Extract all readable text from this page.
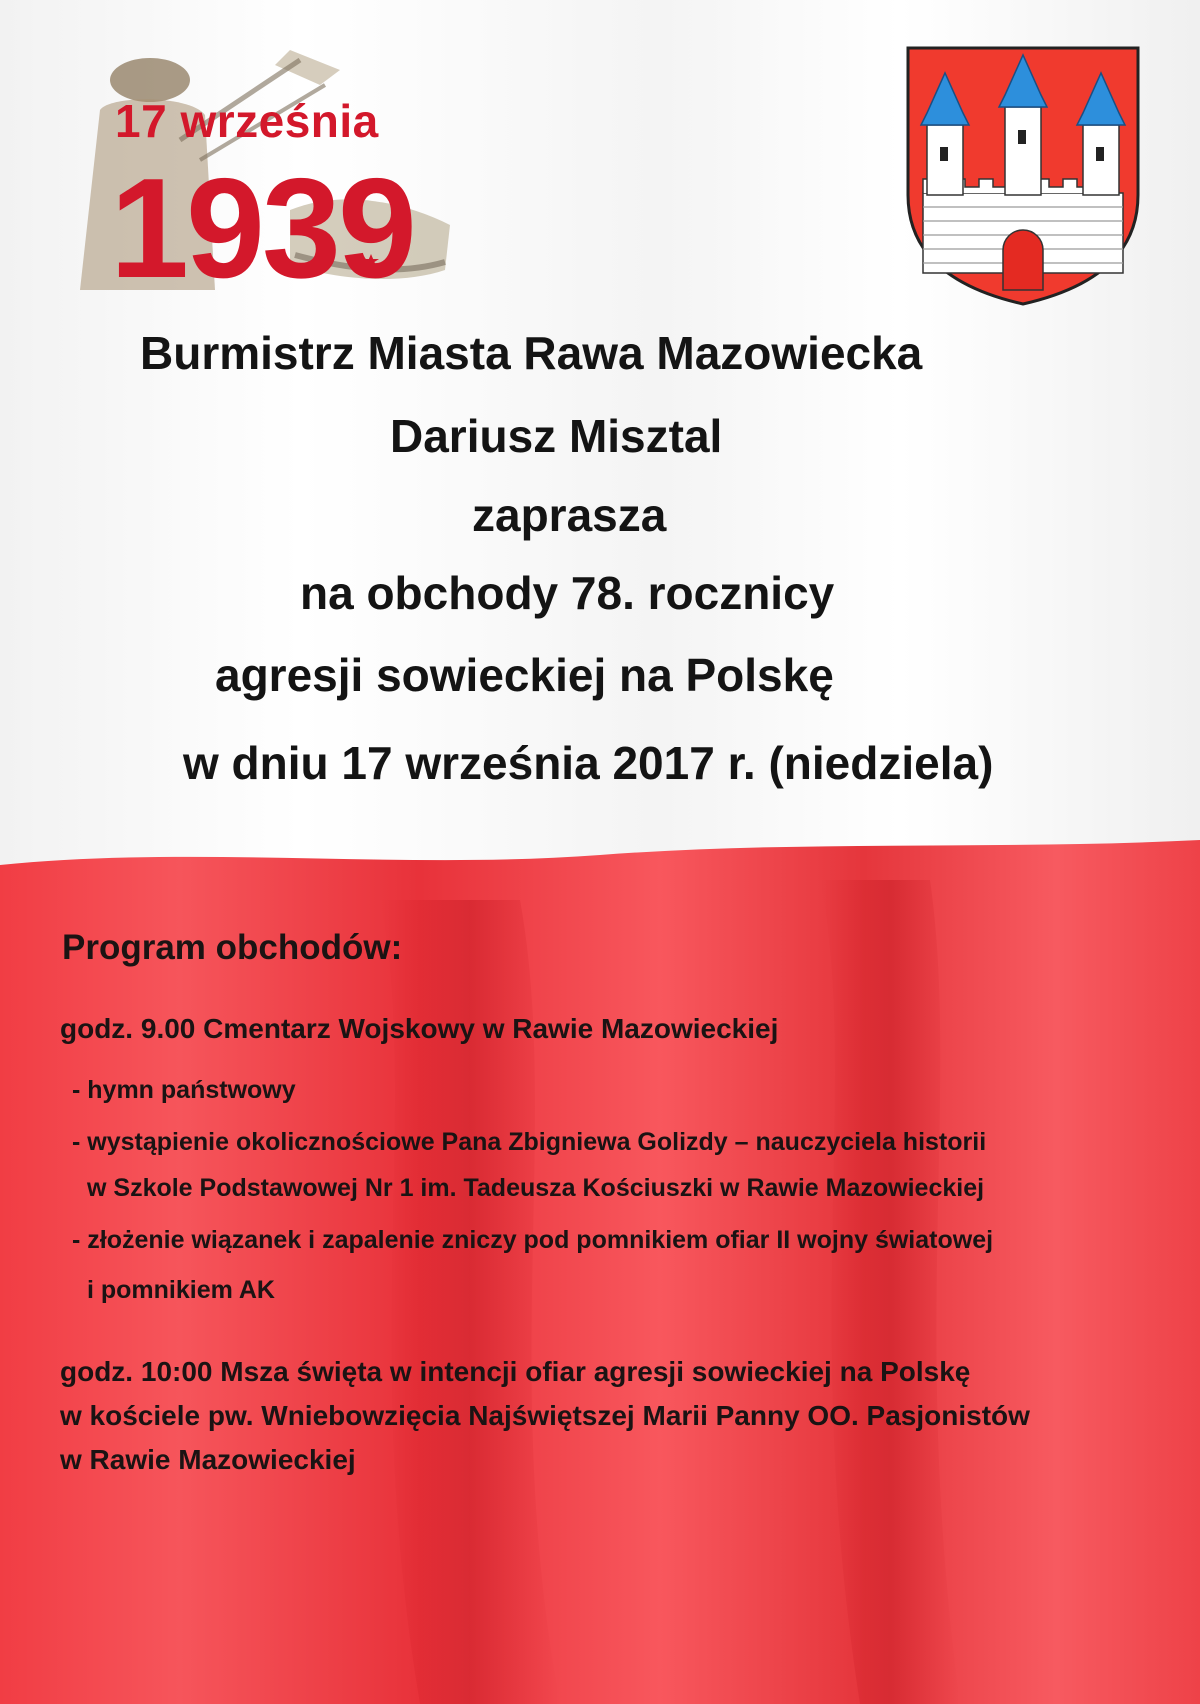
17 września
1939
Burmistrz Miasta Rawa Mazowiecka
Dariusz Misztal
zaprasza
na obchody 78. rocznicy
agresji sowieckiej na Polskę
w dniu 17 września 2017 r. (niedziela)
Program obchodów:
godz. 9.00 Cmentarz Wojskowy w Rawie Mazowieckiej
- hymn państwowy
- wystąpienie okolicznościowe Pana Zbigniewa Golizdy – nauczyciela historii
w Szkole Podstawowej Nr 1 im. Tadeusza Kościuszki w Rawie Mazowieckiej
- złożenie wiązanek i zapalenie zniczy pod pomnikiem ofiar II wojny światowej
i pomnikiem AK
godz. 10:00 Msza święta w intencji ofiar agresji sowieckiej na Polskę
w kościele pw. Wniebowzięcia Najświętszej Marii Panny OO. Pasjonistów
w Rawie Mazowieckiej
